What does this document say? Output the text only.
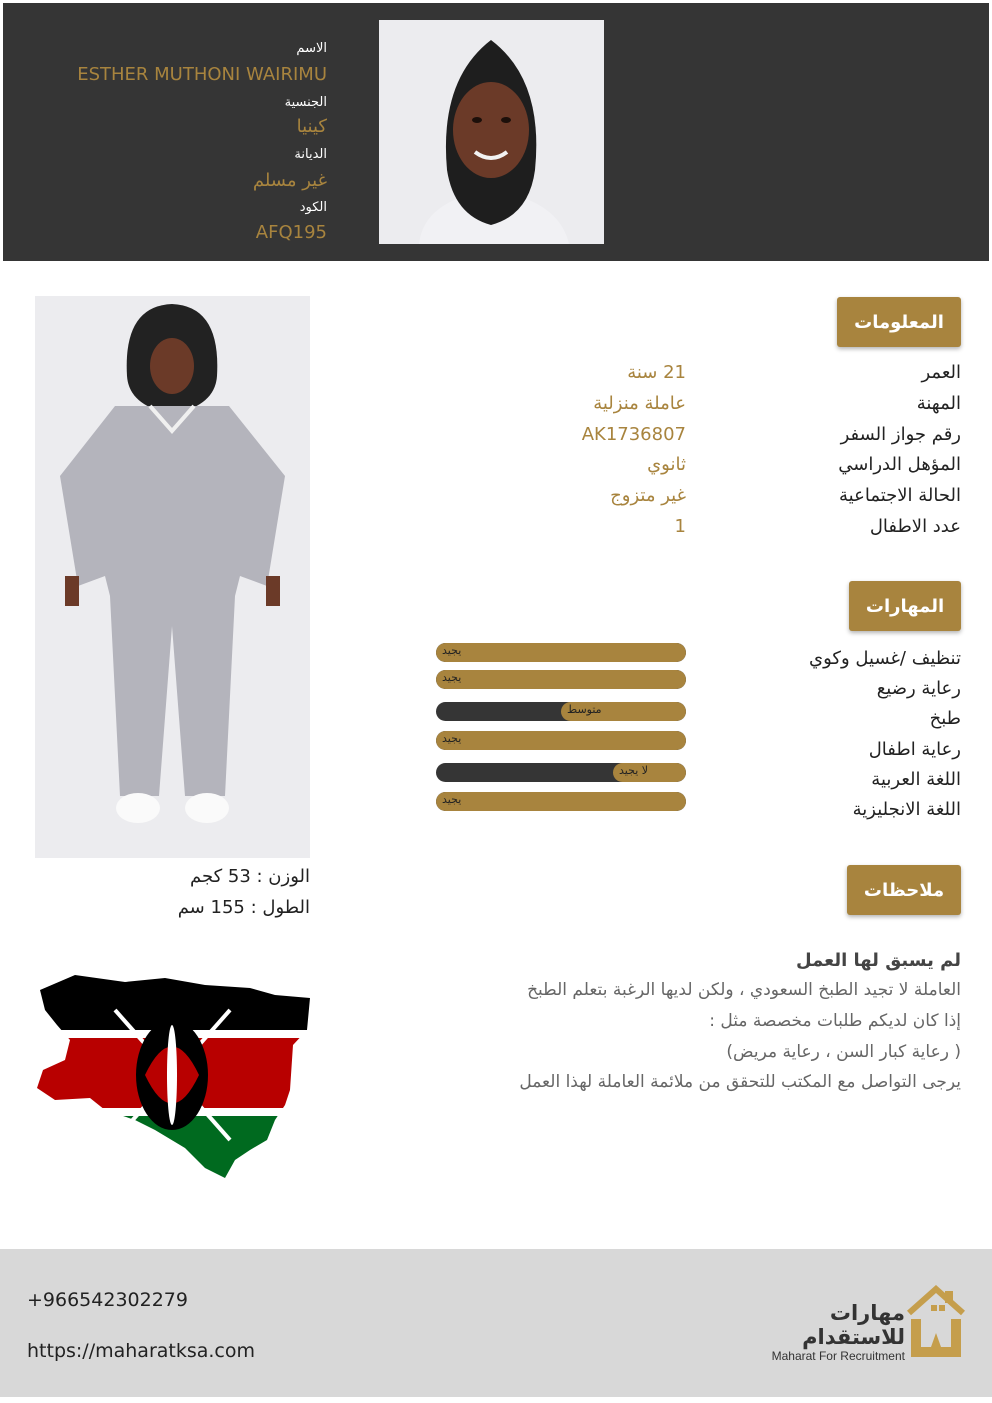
الاسم
ESTHER MUTHONI WAIRIMU
الجنسية
كينيا
الديانة
غير مسلم
الكود
AFQ195
المعلومات
العمر
21 سنة
المهنة
عاملة منزلية
رقم جواز السفر
AK1736807
المؤهل الدراسي
ثانوي
الحالة الاجتماعية
غير متزوج
عدد الاطفال
1
المهارات
تنظيف /غسيل وكوي
يجيد
رعاية رضيع
يجيد
طبخ
متوسط
رعاية اطفال
يجيد
اللغة العربية
لا يجيد
اللغة الانجليزية
يجيد
الوزن : 53 كجم
الطول : 155 سم
ملاحظات
لم يسبق لها العمل
العاملة لا تجيد الطبخ السعودي ، ولكن لديها الرغبة بتعلم الطبخ
إذا كان لديكم طلبات مخصصة مثل :
( رعاية كبار السن ، رعاية مريض)
يرجى التواصل مع المكتب للتحقق من ملائمة العاملة لهذا العمل
+966542302279
https://maharatksa.com
مهارات للاستقدام
Maharat For Recruitment
